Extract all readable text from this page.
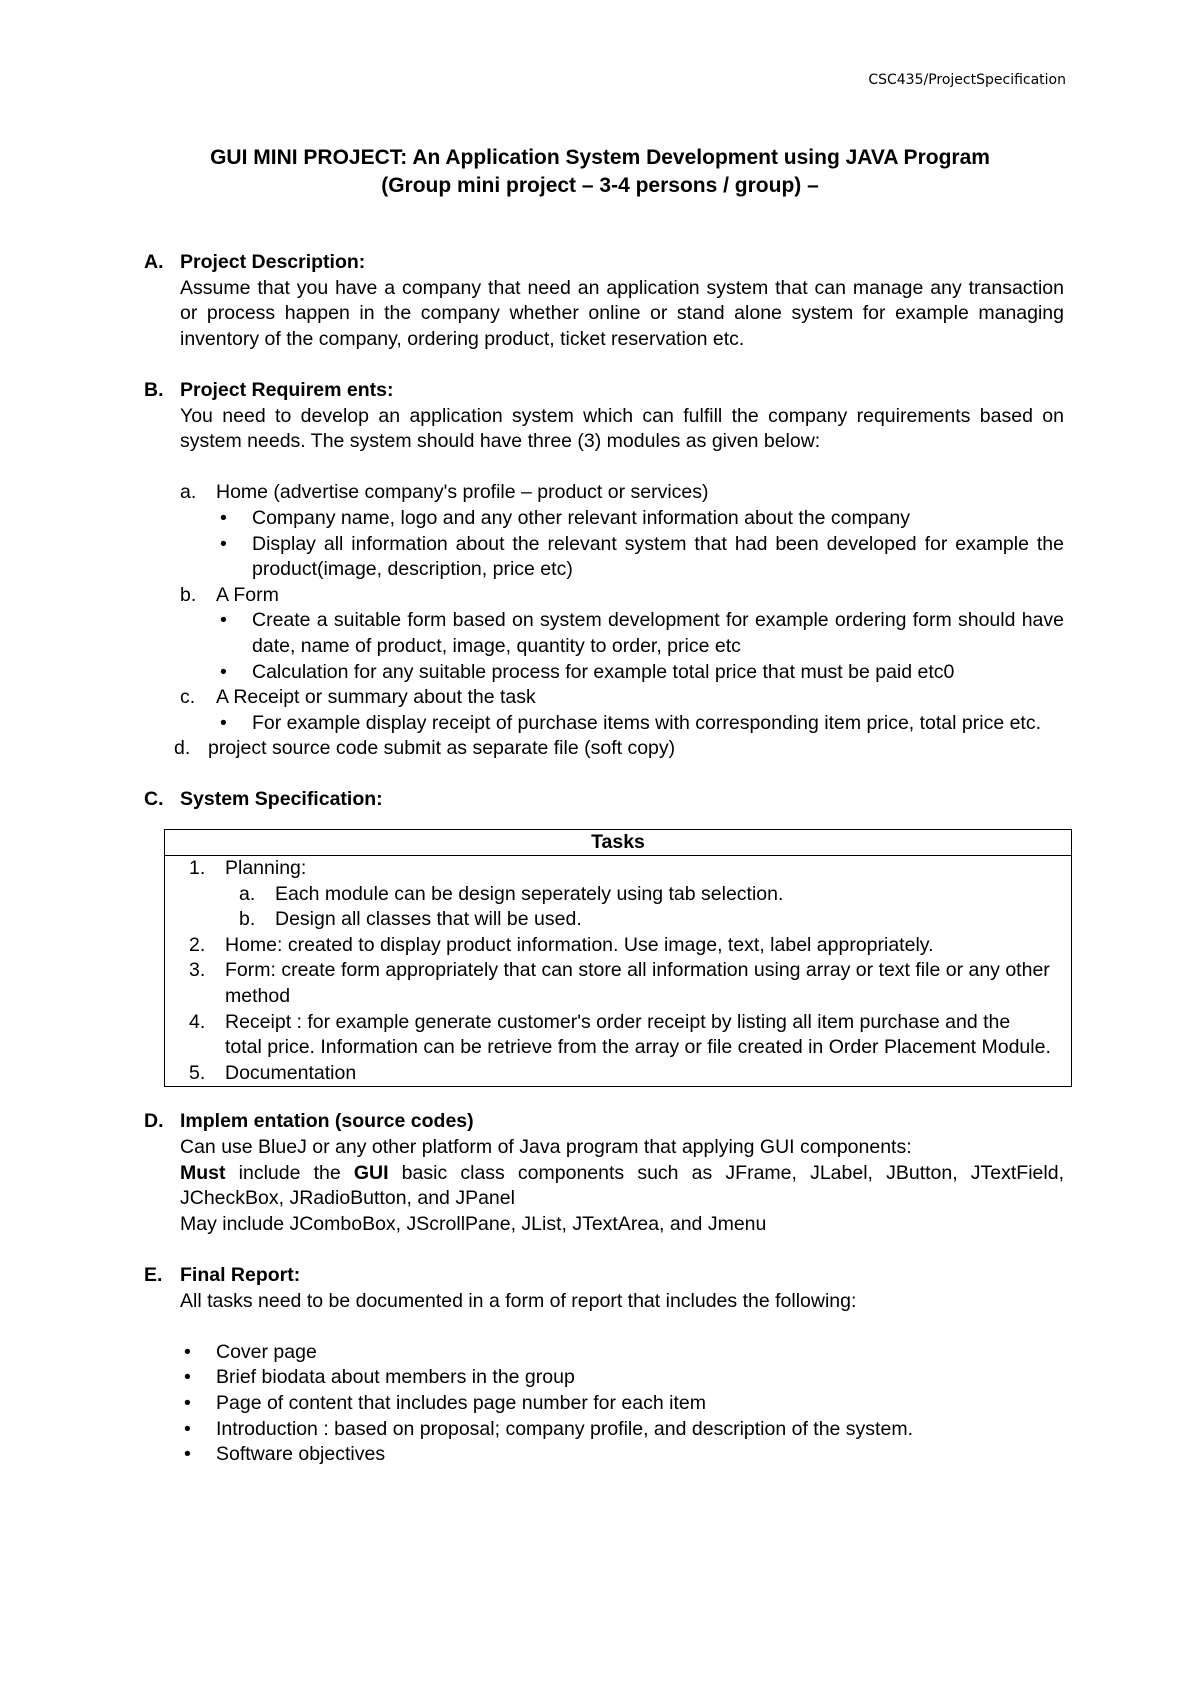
CSC435/ProjectSpecification
GUI MINI PROJECT: An Application System Development using JAVA Program
(Group mini project – 3-4 persons / group) –
A. Project Description:
Assume that you have a company that need an application system that can manage any transaction or process happen in the company whether online or stand alone system for example managing inventory of the company, ordering product, ticket reservation etc.
B. Project Requirem ents:
You need to develop an application system which can fulfill the company requirements based on system needs. The system should have three (3) modules as given below:
a. Home (advertise company's profile – product or services)
• Company name, logo and any other relevant information about the company
• Display all information about the relevant system that had been developed for example the product(image, description, price etc)
b. A Form
• Create a suitable form based on system development for example ordering form should have date, name of product, image, quantity to order, price etc
• Calculation for any suitable process for example total price that must be paid etc0
c. A Receipt or summary about the task
• For example display receipt of purchase items with corresponding item price, total price etc.
d. project source code submit as separate file (soft copy)
C. System Specification:
Tasks

1. Planning:
a. Each module can be design seperately using tab selection.
b. Design all classes that will be used.
2. Home: created to display product information. Use image, text, label appropriately.
3. Form: create form appropriately that can store all information using array or text file or any other method
4. Receipt : for example generate customer's order receipt by listing all item purchase and the total price. Information can be retrieve from the array or file created in Order Placement Module.
5. Documentation
D. Implem entation (source codes)
Can use BlueJ or any other platform of Java program that applying GUI components:
Must include the GUI basic class components such as JFrame, JLabel, JButton, JTextField, JCheckBox, JRadioButton, and JPanel
May include JComboBox, JScrollPane, JList, JTextArea, and Jmenu
E. Final Report:
All tasks need to be documented in a form of report that includes the following:
• Cover page
• Brief biodata about members in the group
• Page of content that includes page number for each item
• Introduction : based on proposal; company profile, and description of the system.
• Software objectives
